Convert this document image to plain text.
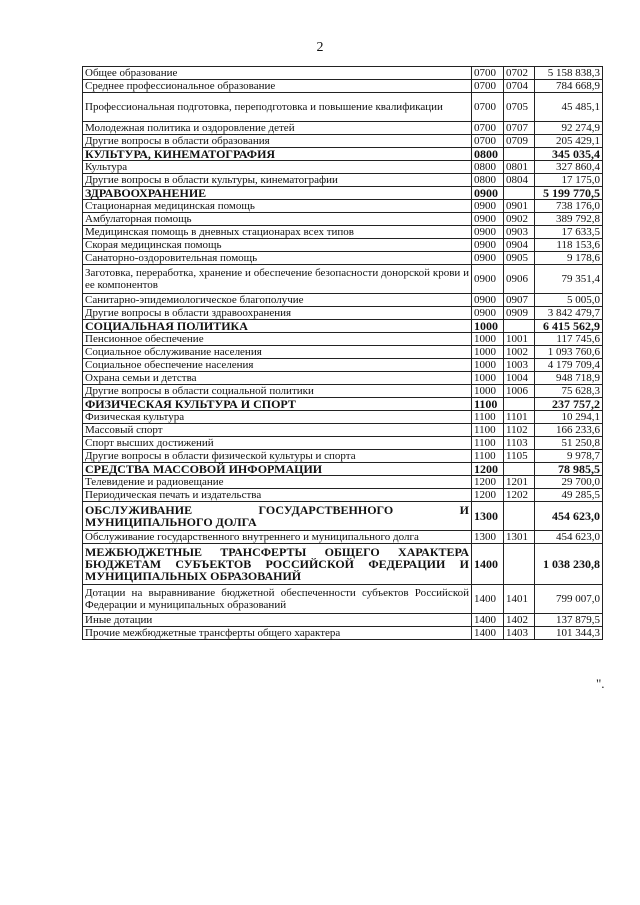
2
Общее образование	0700	0702	5 158 838,3
Среднее профессиональное образование	0700	0704	784 668,9
Профессиональная подготовка, переподготовка и повышение квалификации	0700	0705	45 485,1
Молодежная политика и оздоровление детей	0700	0707	92 274,9
Другие вопросы в области образования	0700	0709	205 429,1
КУЛЬТУРА, КИНЕМАТОГРАФИЯ	0800		345 035,4
Культура	0800	0801	327 860,4
Другие вопросы в области культуры, кинематографии	0800	0804	17 175,0
ЗДРАВООХРАНЕНИЕ	0900		5 199 770,5
Стационарная медицинская помощь	0900	0901	738 176,0
Амбулаторная помощь	0900	0902	389 792,8
Медицинская помощь в дневных стационарах всех типов	0900	0903	17 633,5
Скорая медицинская помощь	0900	0904	118 153,6
Санаторно-оздоровительная помощь	0900	0905	9 178,6
Заготовка, переработка, хранение и обеспечение безопасности донорской крови и ее компонентов	0900	0906	79 351,4
Санитарно-эпидемиологическое благополучие	0900	0907	5 005,0
Другие вопросы в области здравоохранения	0900	0909	3 842 479,7
СОЦИАЛЬНАЯ ПОЛИТИКА	1000		6 415 562,9
Пенсионное обеспечение	1000	1001	117 745,6
Социальное обслуживание населения	1000	1002	1 093 760,6
Социальное обеспечение населения	1000	1003	4 179 709,4
Охрана семьи и детства	1000	1004	948 718,9
Другие вопросы в области социальной политики	1000	1006	75 628,3
ФИЗИЧЕСКАЯ КУЛЬТУРА И СПОРТ	1100		237 757,2
Физическая культура	1100	1101	10 294,1
Массовый спорт	1100	1102	166 233,6
Спорт высших достижений	1100	1103	51 250,8
Другие вопросы в области физической культуры и спорта	1100	1105	9 978,7
СРЕДСТВА МАССОВОЙ ИНФОРМАЦИИ	1200		78 985,5
Телевидение и радиовещание	1200	1201	29 700,0
Периодическая печать и издательства	1200	1202	49 285,5
ОБСЛУЖИВАНИЕ ГОСУДАРСТВЕННОГО И МУНИЦИПАЛЬНОГО ДОЛГА	1300		454 623,0
Обслуживание государственного внутреннего и муниципального долга	1300	1301	454 623,0
МЕЖБЮДЖЕТНЫЕ ТРАНСФЕРТЫ ОБЩЕГО ХАРАКТЕРА БЮДЖЕТАМ СУБЪЕКТОВ РОССИЙСКОЙ ФЕДЕРАЦИИ И МУНИЦИПАЛЬНЫХ ОБРАЗОВАНИЙ	1400		1 038 230,8
Дотации на выравнивание бюджетной обеспеченности субъектов Российской Федерации и муниципальных образований	1400	1401	799 007,0
Иные дотации	1400	1402	137 879,5
Прочие межбюджетные трансферты общего характера	1400	1403	101 344,3
".
